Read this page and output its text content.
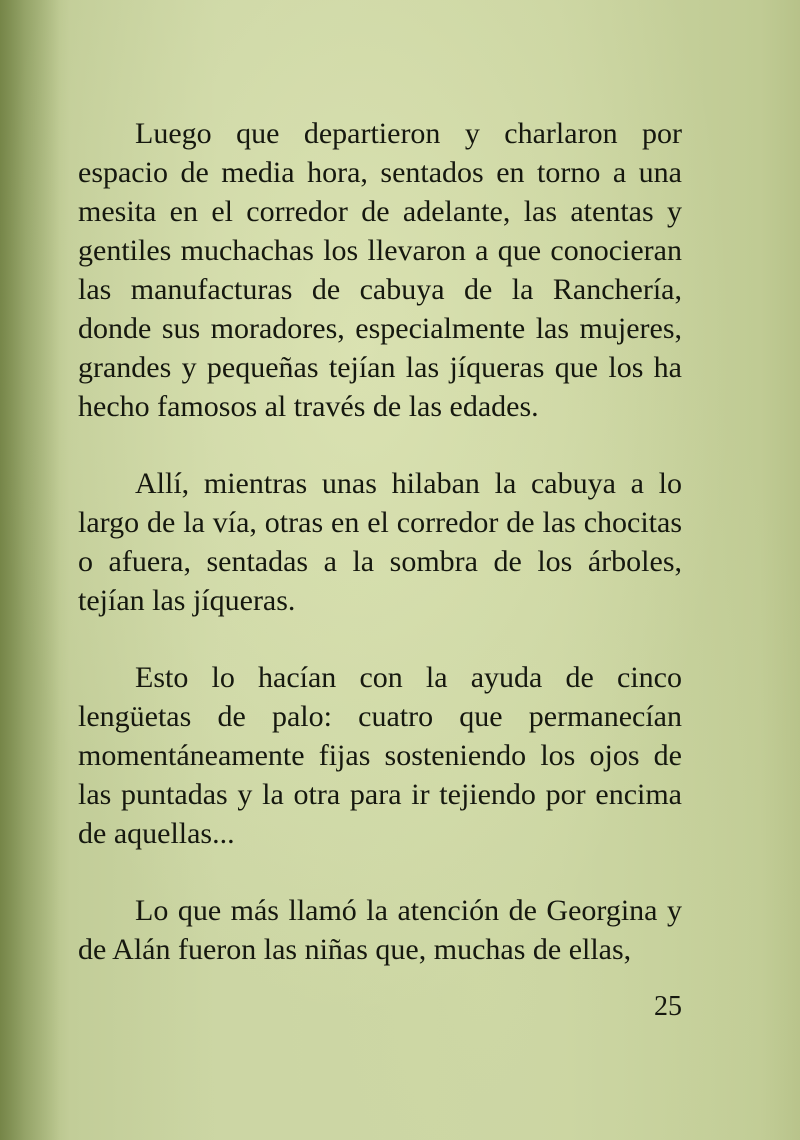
Luego que departieron y charlaron por espacio de media hora, sentados en torno a una mesita en el corredor de adelante, las atentas y gentiles muchachas los llevaron a que conocieran las manufacturas de cabuya de la Ranchería, donde sus moradores, especialmente las mujeres, grandes y pequeñas tejían las jíqueras que los ha hecho famosos al través de las edades.

Allí, mientras unas hilaban la cabuya a lo largo de la vía, otras en el corredor de las chocitas o afuera, sentadas a la sombra de los árboles, tejían las jíqueras.

Esto lo hacían con la ayuda de cinco lengüetas de palo: cuatro que permanecían momentáneamente fijas sosteniendo los ojos de las puntadas y la otra para ir tejiendo por encima de aquellas...

Lo que más llamó la atención de Georgina y de Alán fueron las niñas que, muchas de ellas,

25
